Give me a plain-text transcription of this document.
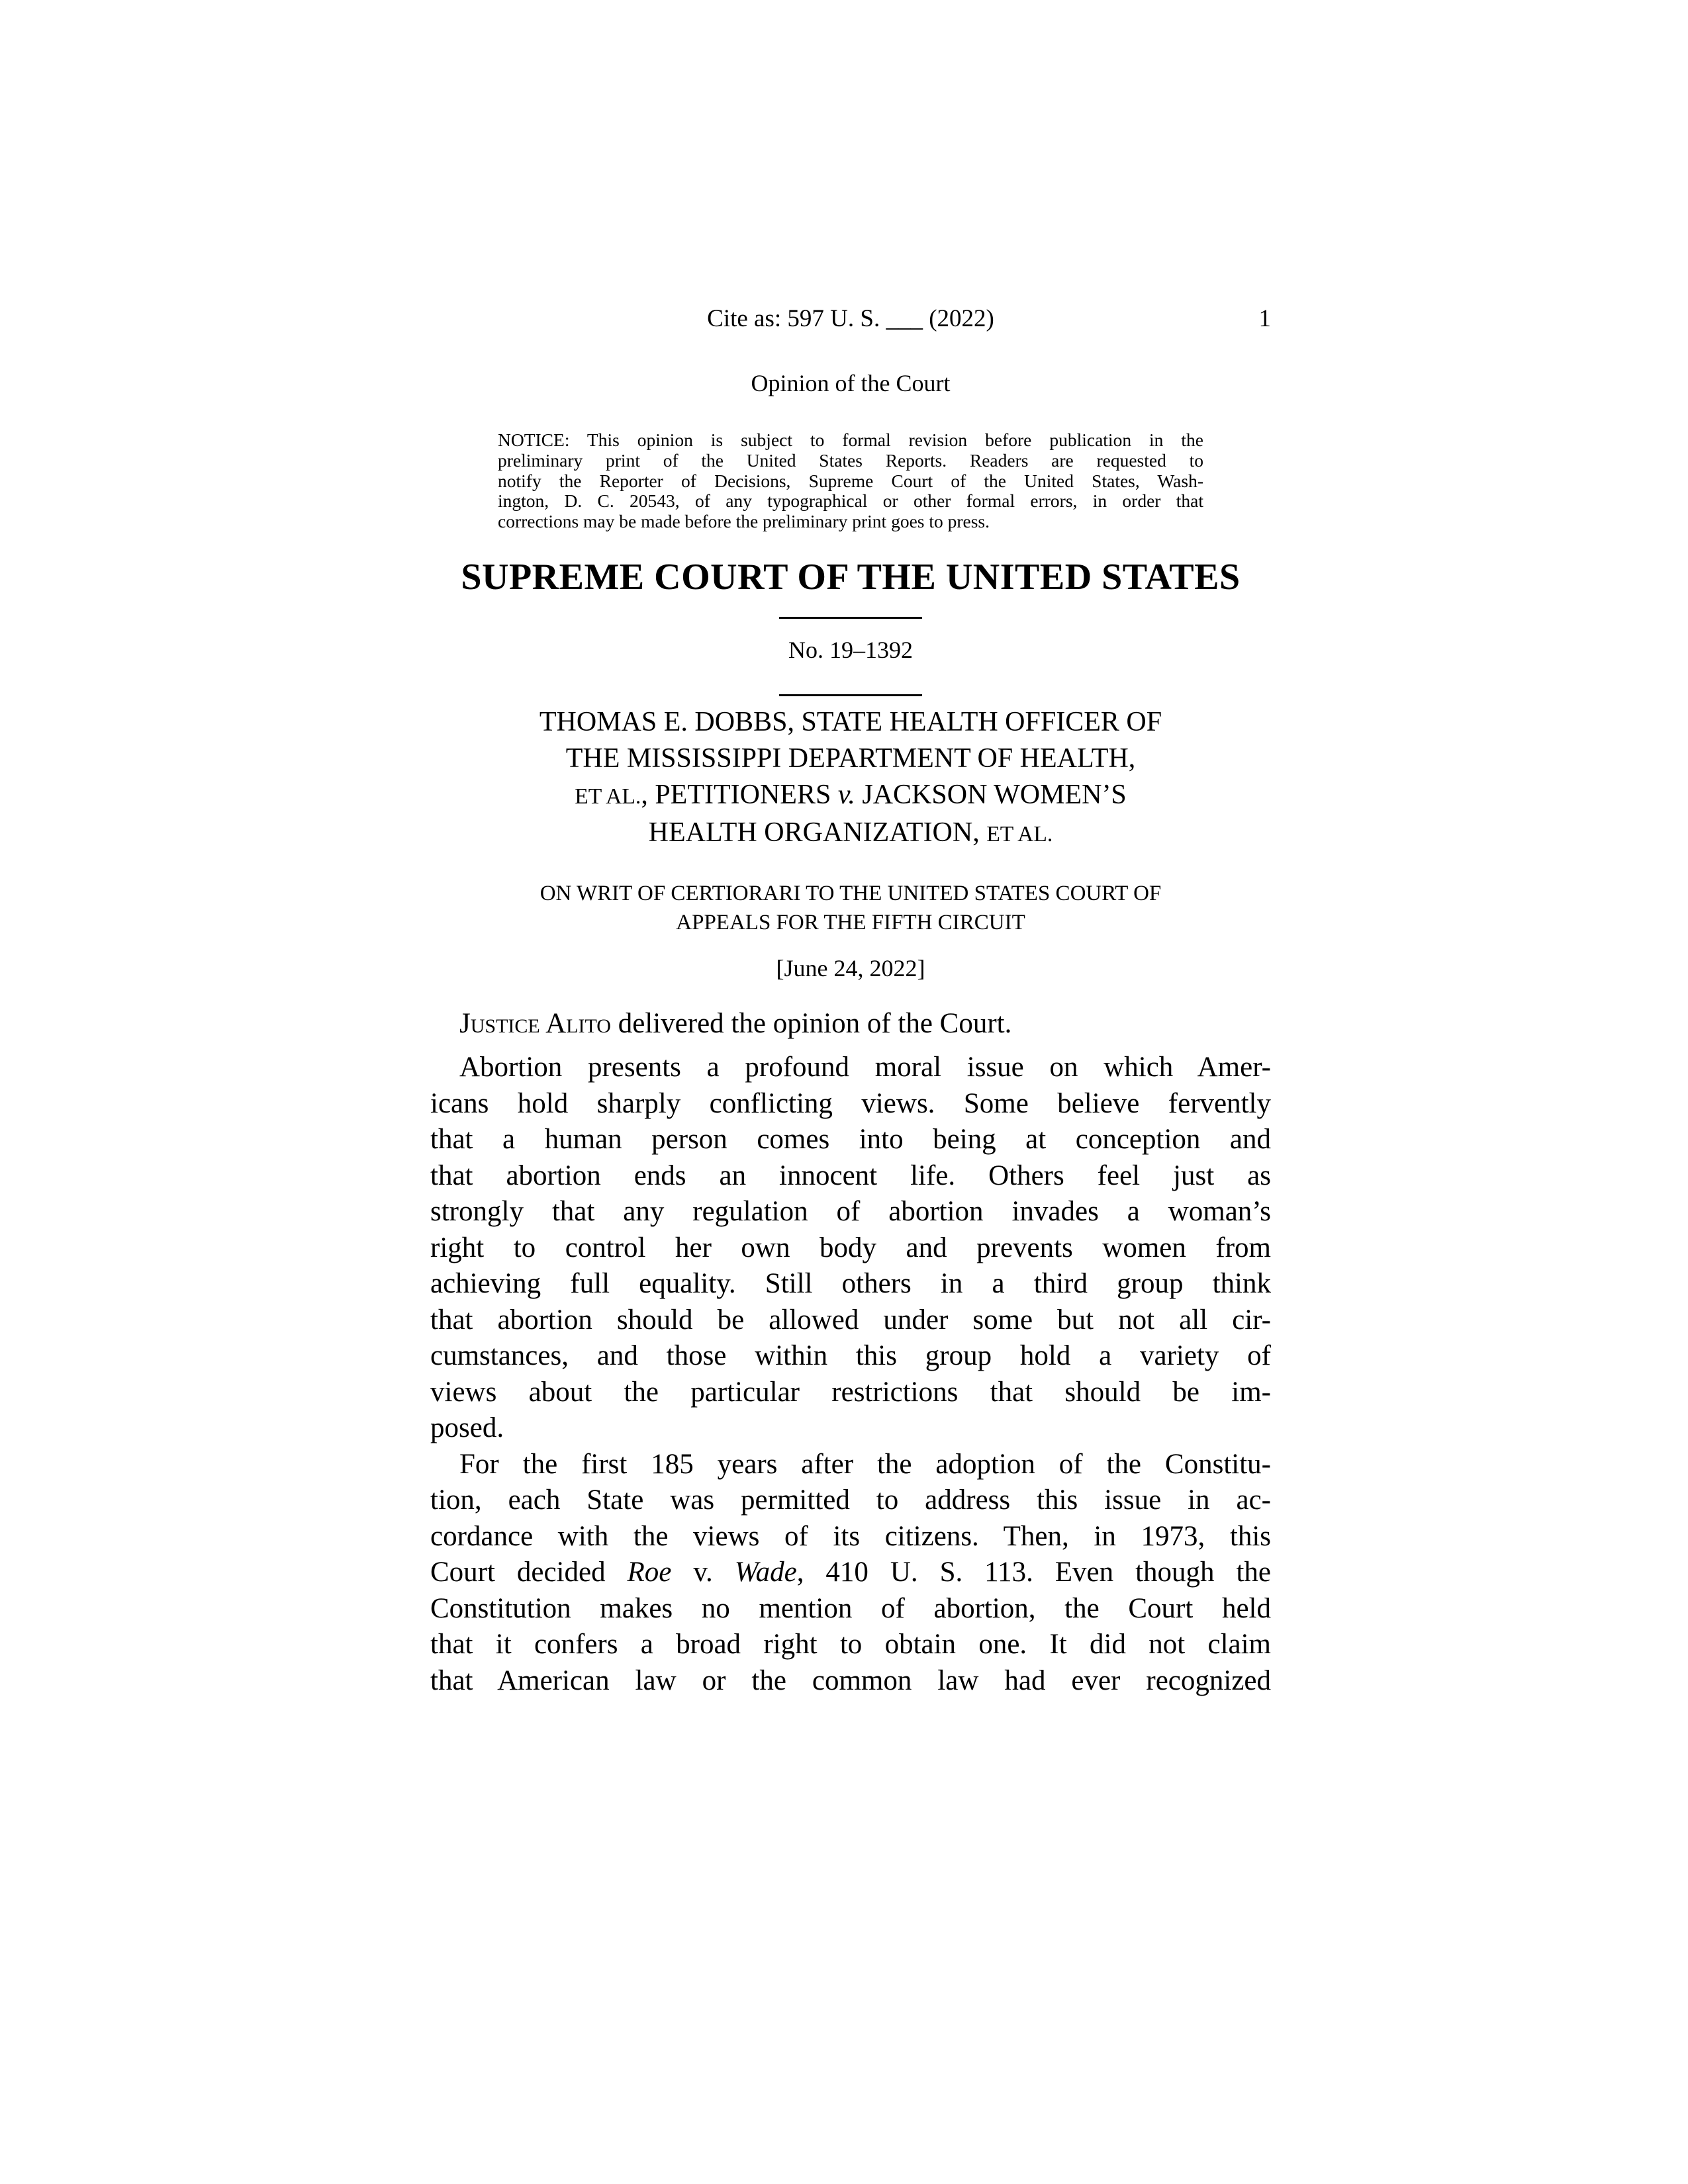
Cite as: 597 U. S. ___ (2022)	1
Opinion of the Court
NOTICE: This opinion is subject to formal revision before publication in the
preliminary print of the United States Reports. Readers are requested to
notify the Reporter of Decisions, Supreme Court of the United States, Wash-
ington, D. C. 20543, of any typographical or other formal errors, in order that
corrections may be made before the preliminary print goes to press.
SUPREME COURT OF THE UNITED STATES
No. 19–1392
THOMAS E. DOBBS, STATE HEALTH OFFICER OF
THE MISSISSIPPI DEPARTMENT OF HEALTH,
ET AL., PETITIONERS v. JACKSON WOMEN’S
HEALTH ORGANIZATION, ET AL.
ON WRIT OF CERTIORARI TO THE UNITED STATES COURT OF
APPEALS FOR THE FIFTH CIRCUIT
[June 24, 2022]
Justice Alito delivered the opinion of the Court.
Abortion presents a profound moral issue on which Amer-
icans hold sharply conflicting views. Some believe fervently
that a human person comes into being at conception and
that abortion ends an innocent life. Others feel just as
strongly that any regulation of abortion invades a woman’s
right to control her own body and prevents women from
achieving full equality. Still others in a third group think
that abortion should be allowed under some but not all cir-
cumstances, and those within this group hold a variety of
views about the particular restrictions that should be im-
posed.
For the first 185 years after the adoption of the Constitu-
tion, each State was permitted to address this issue in ac-
cordance with the views of its citizens. Then, in 1973, this
Court decided Roe v. Wade, 410 U. S. 113. Even though the
Constitution makes no mention of abortion, the Court held
that it confers a broad right to obtain one. It did not claim
that American law or the common law had ever recognized
